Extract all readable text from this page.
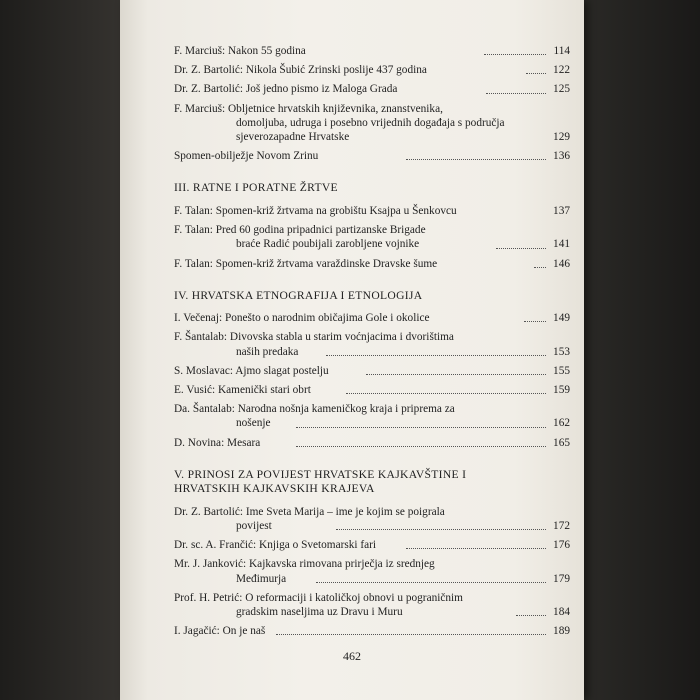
F. Marciuš: Nakon 55 godina	114
Dr. Z. Bartolić: Nikola Šubić Zrinski poslije 437 godina	122
Dr. Z. Bartolić: Još jedno pismo iz Maloga Grada	125
F. Marciuš: Obljetnice hrvatskih književnika, znanstvenika,
domoljuba, udruga i posebno vrijednih događaja s područja sjeverozapadne Hrvatske	129
Spomen-obilježje Novom Zrinu	136
III. RATNE I PORATNE ŽRTVE
F. Talan: Spomen-križ žrtvama na grobištu Ksajpa u Šenkovcu	137
F. Talan: Pred 60 godina pripadnici partizanske Brigade
braće Radić poubijali zarobljene vojnike	141
F. Talan: Spomen-križ žrtvama varaždinske Dravske šume	146
IV. HRVATSKA ETNOGRAFIJA I ETNOLOGIJA
I. Večenaj: Ponešto o narodnim običajima Gole i okolice	149
F. Šantalab: Divovska stabla u starim voćnjacima i dvorištima
naših predaka	153
S. Moslavac: Ajmo slagat postelju	155
E. Vusić: Kamenički stari obrt	159
Da. Šantalab: Narodna nošnja kameničkog kraja i priprema za
nošenje	162
D. Novina: Mesara	165
V. PRINOSI ZA POVIJEST HRVATSKE KAJKAVŠTINE I
HRVATSKIH KAJKAVSKIH KRAJEVA
Dr. Z. Bartolić: Ime Sveta Marija – ime je kojim se poigrala
povijest	172
Dr. sc. A. Frančić: Knjiga o Svetomarski fari	176
Mr. J. Janković: Kajkavska rimovana prirječja iz srednjeg
Međimurja	179
Prof. H. Petrić: O reformaciji i katoličkoj obnovi u pograničnim
gradskim naseljima uz Dravu i Muru	184
I. Jagačić: On je naš	189
462
